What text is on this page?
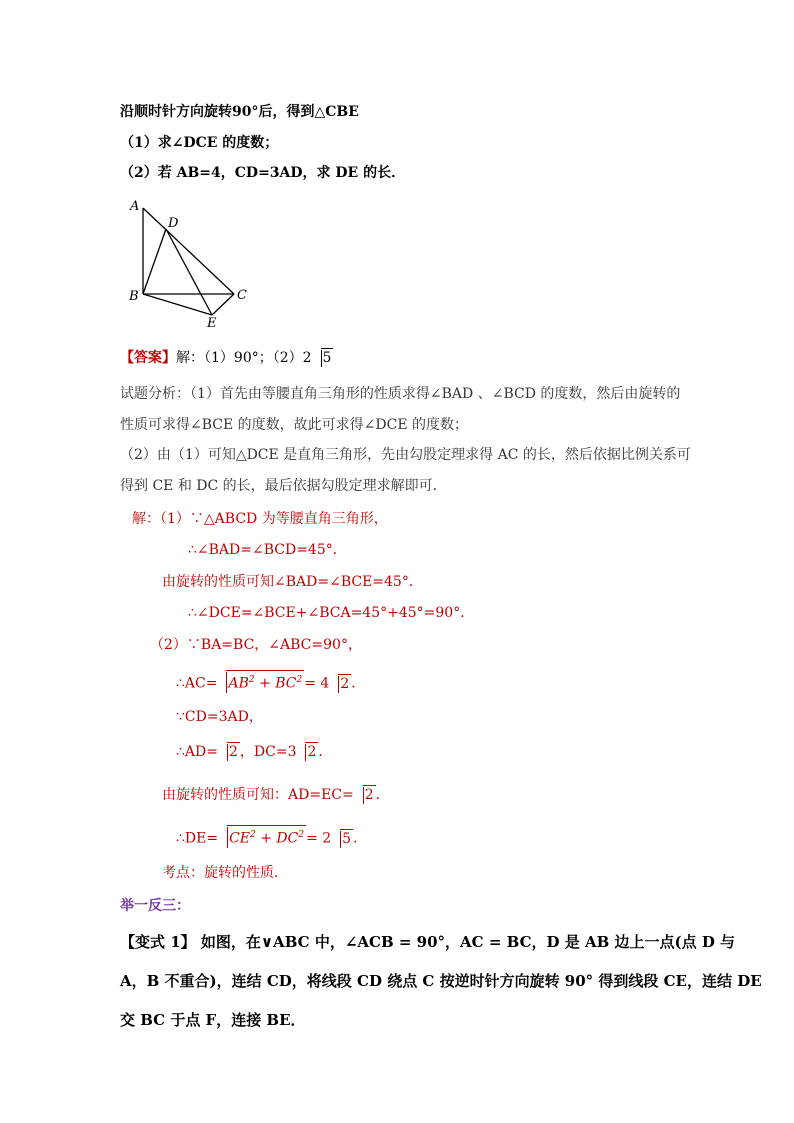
沿顺时针方向旋转90°后，得到△CBE
（1）求∠DCE 的度数；
（2）若 AB=4，CD=3AD，求 DE 的长．
A
D
B	C
E
【答案】解：（1）90°；（2）2 5
试题分析：（1）首先由等腰直角三角形的性质求得∠BAD 、∠BCD 的度数，然后由旋转的
性质可求得∠BCE 的度数，故此可求得∠DCE 的度数；
（2）由（1）可知△DCE 是直角三角形，先由勾股定理求得 AC 的长，然后依据比例关系可
得到 CE 和 DC 的长，最后依据勾股定理求解即可．
解：（1）∵△ABCD 为等腰直角三角形，
∴∠BAD=∠BCD=45°．
由旋转的性质可知∠BAD=∠BCE=45°．
∴∠DCE=∠BCE+∠BCA=45°+45°=90°．
（2）∵BA=BC，∠ABC=90°，
∴AC= $AB^2 + BC^2 = 4$ 2 ．
∵CD=3AD，
∴AD= 2 ，DC=3 2 ．
由旋转的性质可知：AD=EC= 2 ．
∴DE= $CE^2 + DC^2 = 2$ 5 ．
考点：旋转的性质．
举一反三：
【变式 1】 如图，在∨ABC 中，∠ACB = 90°，AC = BC，D 是 AB 边上一点(点 D 与
A，B 不重合)，连结 CD，将线段 CD 绕点 C 按逆时针方向旋转 90° 得到线段 CE，连结 DE
交 BC 于点 F，连接 BE．
